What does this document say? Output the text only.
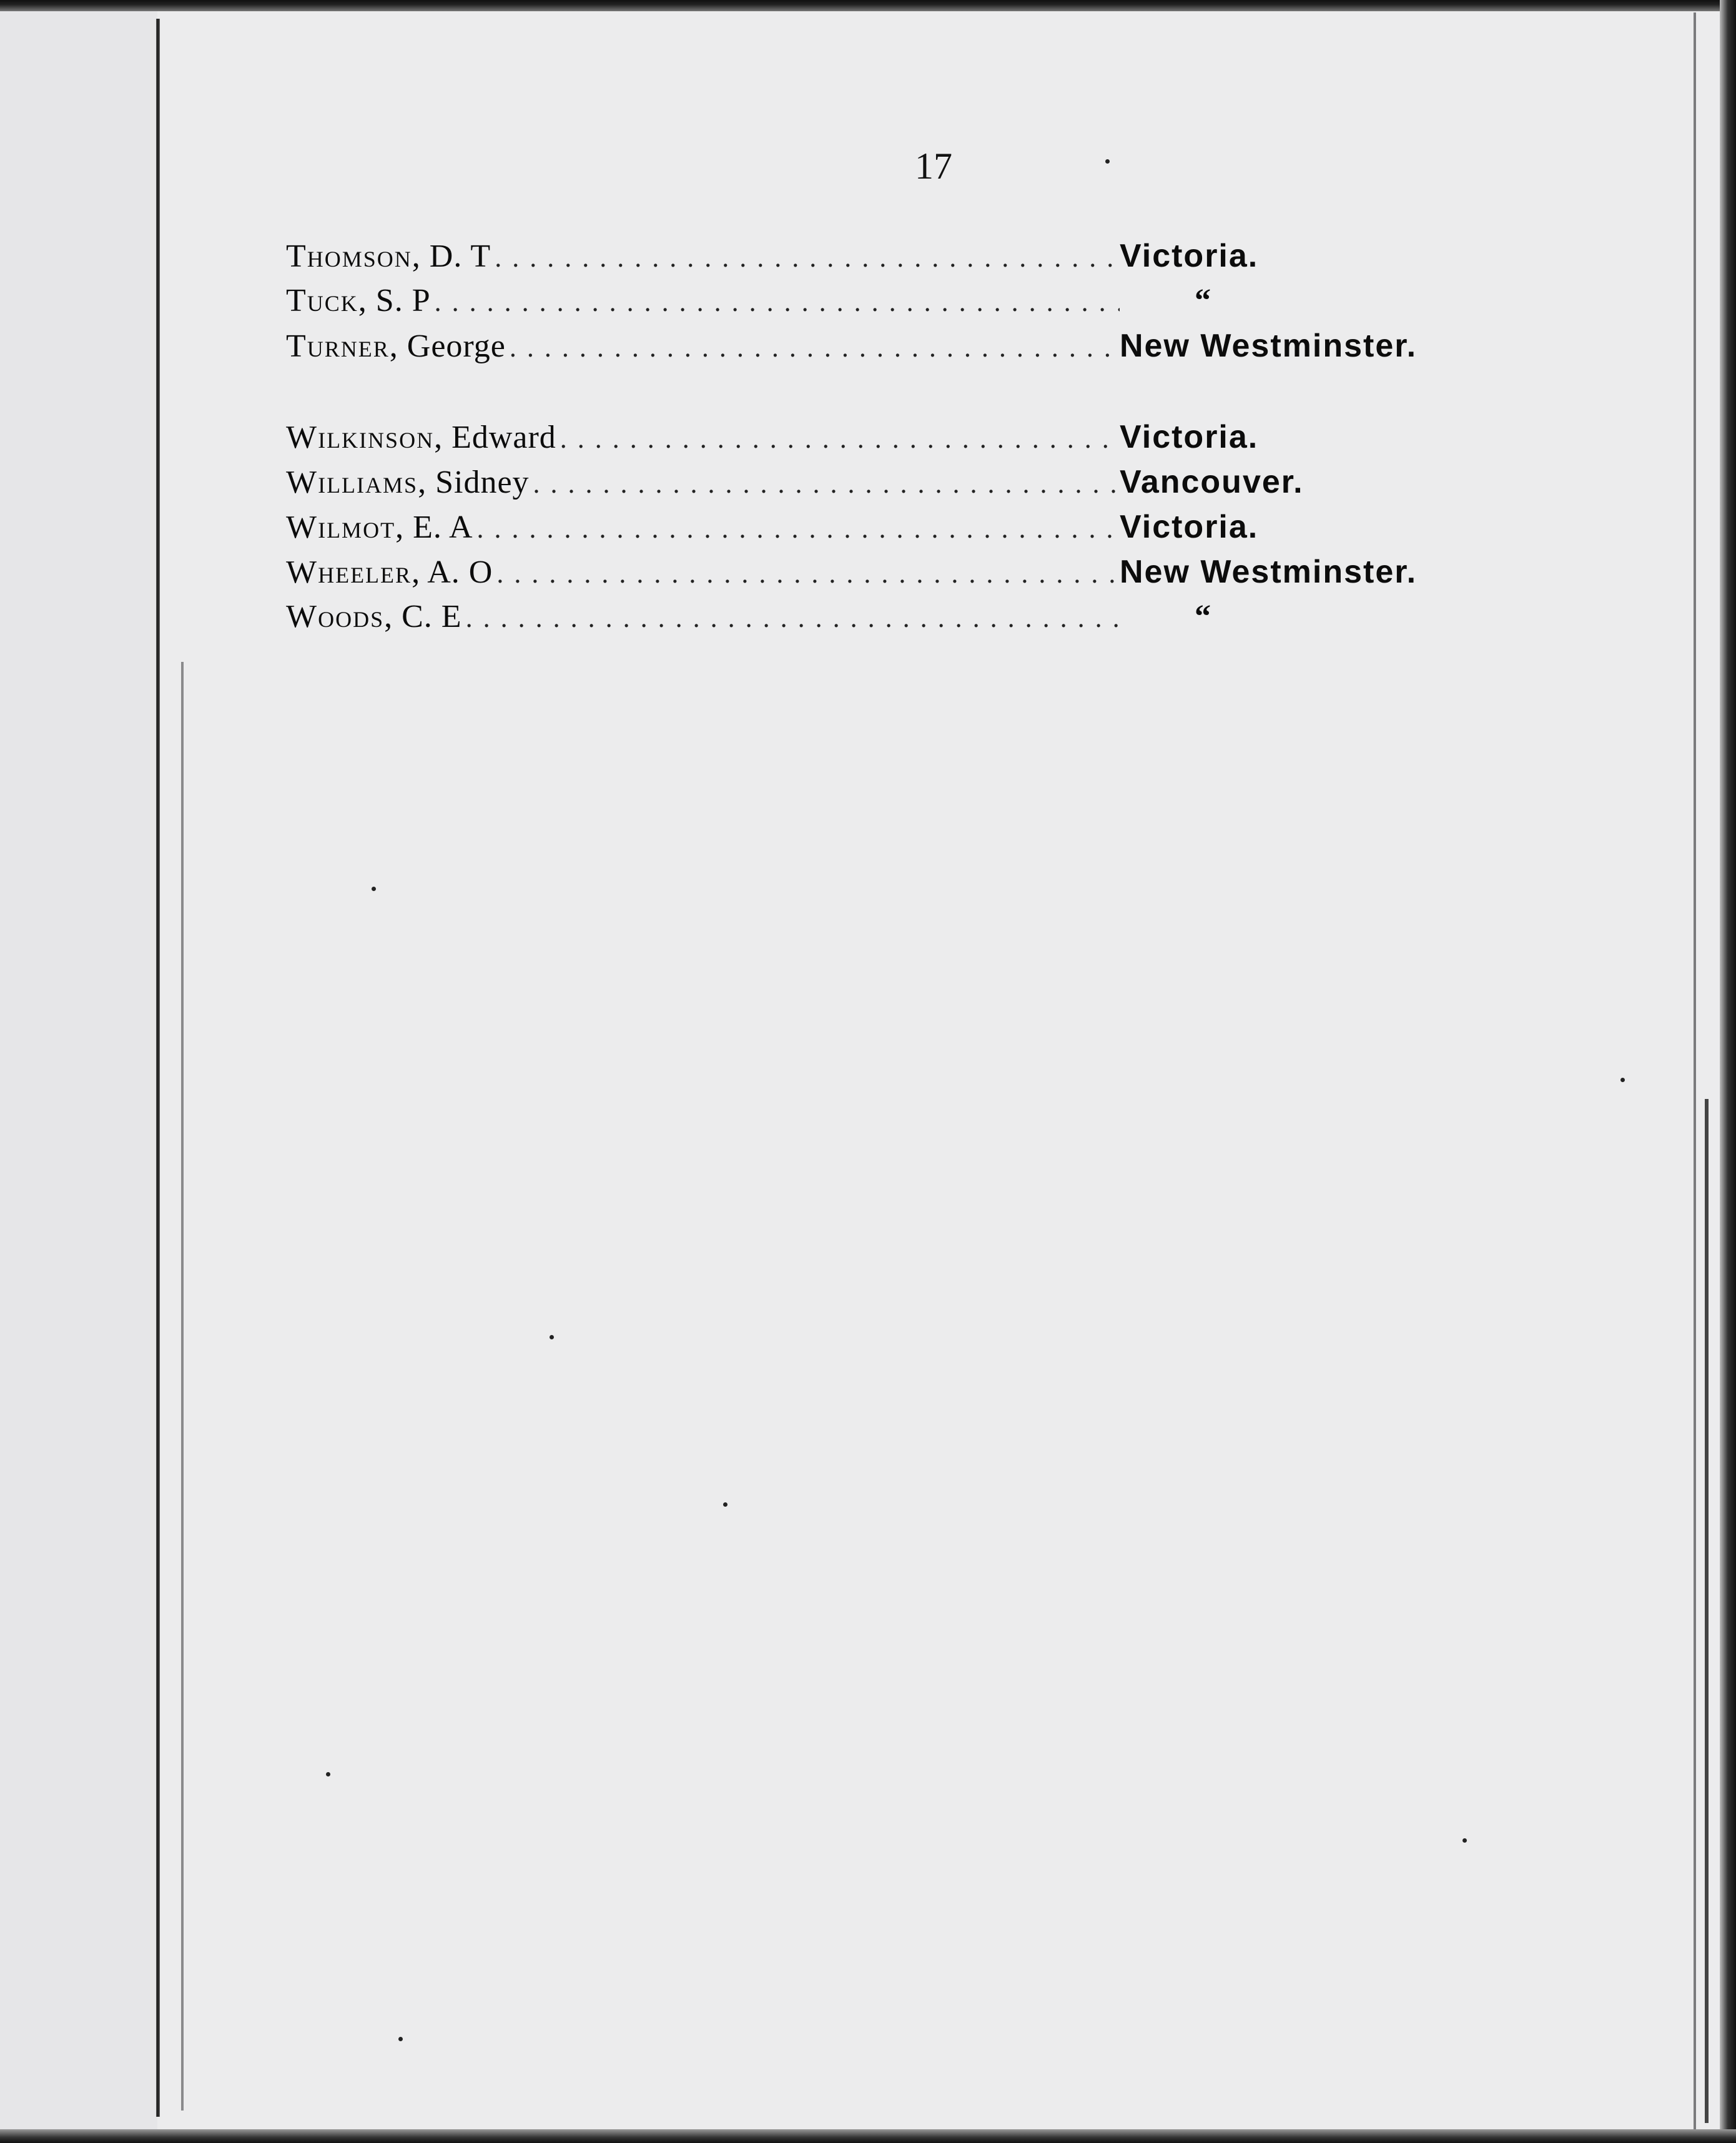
17
Thomson , D. T . . .	Victoria.
Tuck , S. P . . .	“
Turner , George . . .	New Westminster.
Wilkinson , Edward . . .	Victoria.
Williams , Sidney . . .	Vancouver.
Wilmot , E. A . . .	Victoria.
Wheeler , A. O . . .	New Westminster.
Woods , C. E . . .	“
